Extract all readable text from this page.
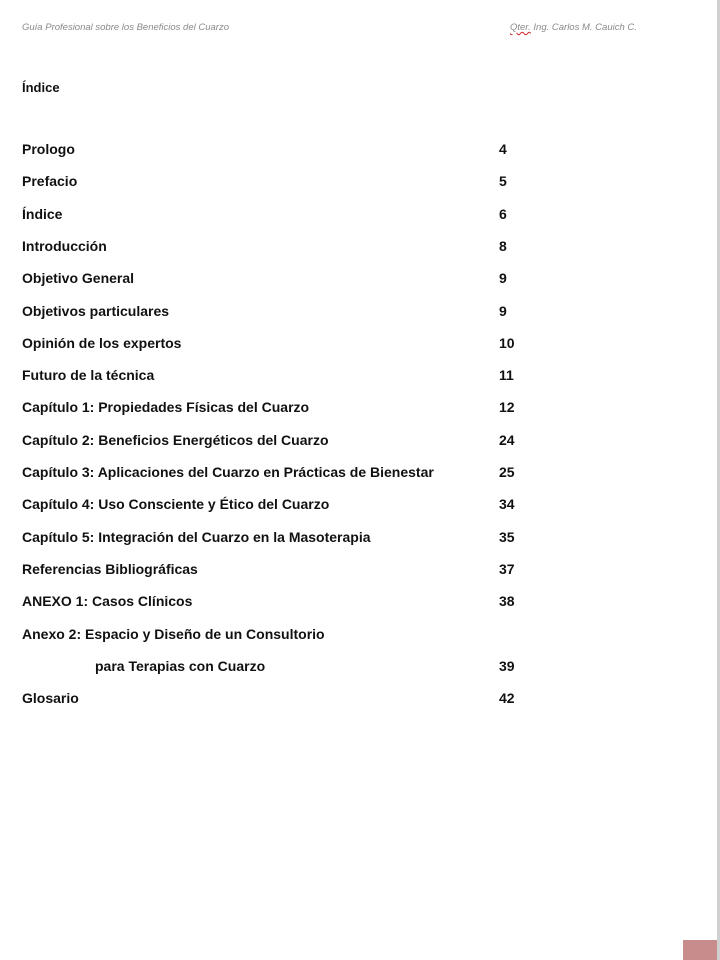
Guía Profesional sobre los Beneficios del Cuarzo	Qter. Ing. Carlos M. Cauich C.
Índice
Prologo	4
Prefacio	5
Índice	6
Introducción	8
Objetivo General	9
Objetivos particulares	9
Opinión de los expertos	10
Futuro de la técnica	11
Capítulo 1: Propiedades Físicas del Cuarzo	12
Capítulo 2: Beneficios Energéticos del Cuarzo	24
Capítulo 3: Aplicaciones del Cuarzo en Prácticas de Bienestar	25
Capítulo 4: Uso Consciente y Ético del Cuarzo	34
Capítulo 5: Integración del Cuarzo en la Masoterapia	35
Referencias Bibliográficas	37
ANEXO 1: Casos Clínicos	38
Anexo 2: Espacio y Diseño de un Consultorio
para Terapias con Cuarzo	39
Glosario	42
